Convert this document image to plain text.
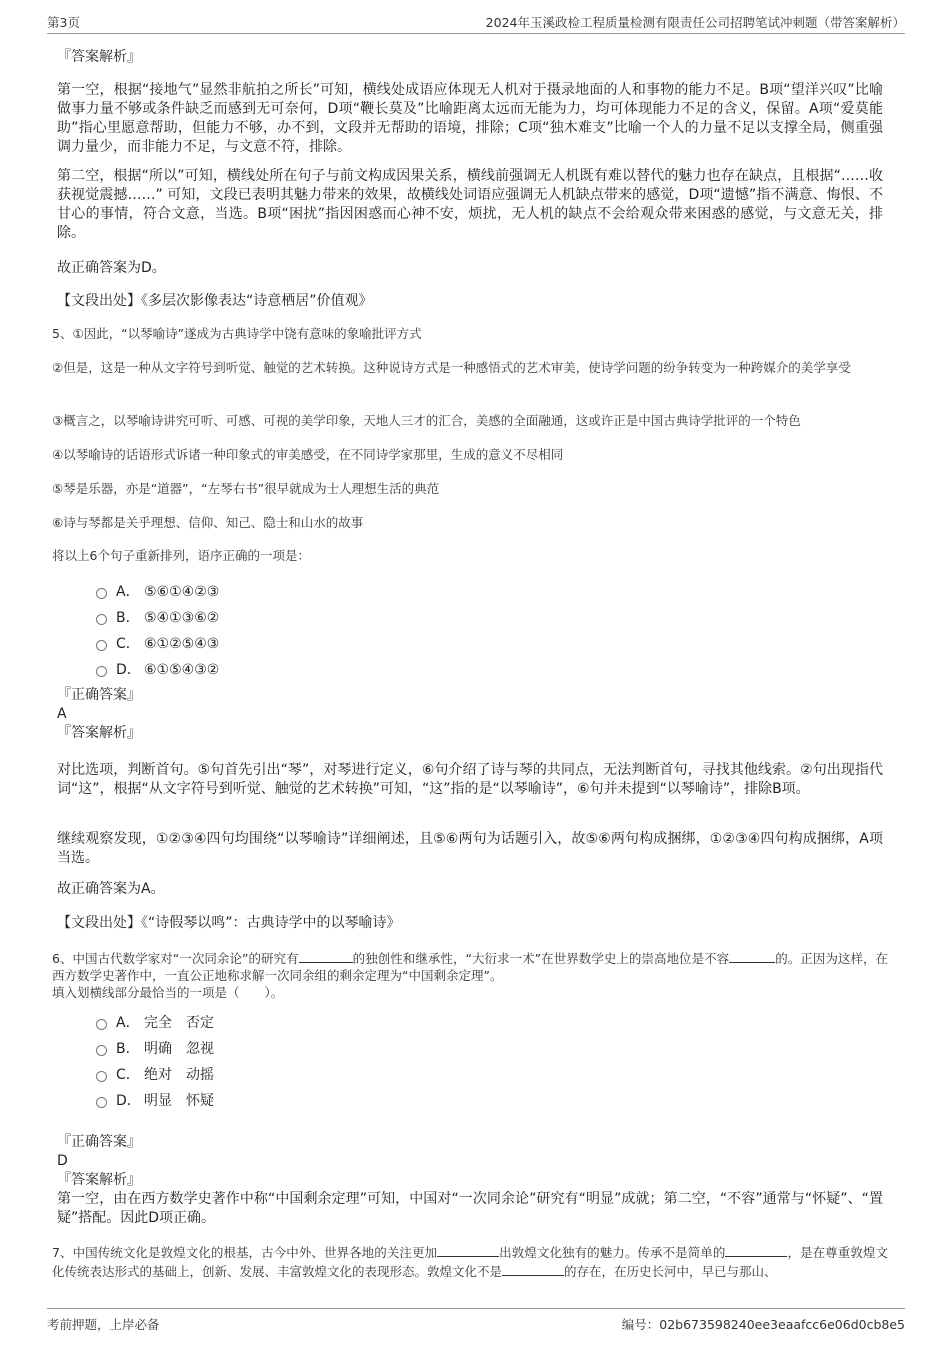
第3页	2024年玉溪政检工程质量检测有限责任公司招聘笔试冲刺题（带答案解析）

『答案解析』

第一空，根据“接地气”显然非航拍之所长”可知，横线处成语应体现无人机对于摄录地面的人和事物的能力不足。B项“望洋兴叹”比喻做事力量不够或条件缺乏而感到无可奈何，D项“鞭长莫及”比喻距离太远而无能为力，均可体现能力不足的含义，保留。A项“爱莫能助”指心里愿意帮助，但能力不够，办不到，文段并无帮助的语境，排除；C项“独木难支”比喻一个人的力量不足以支撑全局，侧重强调力量少，而非能力不足，与文意不符，排除。

第二空，根据“所以”可知，横线处所在句子与前文构成因果关系，横线前强调无人机既有难以替代的魅力也存在缺点，且根据“……收获视觉震撼……” 可知，文段已表明其魅力带来的效果，故横线处词语应强调无人机缺点带来的感觉，D项“遗憾”指不满意、悔恨、不甘心的事情，符合文意，当选。B项“困扰”指因困惑而心神不安，烦扰，无人机的缺点不会给观众带来困惑的感觉，与文意无关，排除。

故正确答案为D。

【文段出处】《多层次影像表达“诗意栖居”价值观》

5、①因此，“以琴喻诗”遂成为古典诗学中饶有意味的象喻批评方式

②但是，这是一种从文字符号到听觉、触觉的艺术转换。这种说诗方式是一种感悟式的艺术审美，使诗学问题的纷争转变为一种跨媒介的美学享受

③概言之，以琴喻诗讲究可听、可感、可视的美学印象，天地人三才的汇合，美感的全面融通，这或许正是中国古典诗学批评的一个特色

④以琴喻诗的话语形式诉诸一种印象式的审美感受，在不同诗学家那里，生成的意义不尽相同

⑤琴是乐器，亦是“道器”，“左琴右书”很早就成为士人理想生活的典范

⑥诗与琴都是关乎理想、信仰、知己、隐士和山水的故事

将以上6个句子重新排列，语序正确的一项是：

A． ⑤⑥①④②③
B． ⑤④①③⑥②
C． ⑥①②⑤④③
D． ⑥①⑤④③②

『正确答案』

A

『答案解析』

对比选项，判断首句。⑤句首先引出“琴”，对琴进行定义，⑥句介绍了诗与琴的共同点，无法判断首句，寻找其他线索。②句出现指代词“这”，根据“从文字符号到听觉、触觉的艺术转换”可知，“这”指的是“以琴喻诗”，⑥句并未提到“以琴喻诗”，排除B项。

继续观察发现，①②③④四句均围绕“以琴喻诗”详细阐述，且⑤⑥两句为话题引入，故⑤⑥两句构成捆绑，①②③④四句构成捆绑，A项当选。

故正确答案为A。

【文段出处】《“诗假琴以鸣”：古典诗学中的以琴喻诗》

6、中国古代数学家对“一次同余论”的研究有	的独创性和继承性，“大衍求一术”在世界数学史上的崇高地位是不容	的。正因为这样，在西方数学史著作中，一直公正地称求解一次同余组的剩余定理为“中国剩余定理”。

填入划横线部分最恰当的一项是（　　）。

A． 完全　否定
B． 明确　忽视
C． 绝对　动摇
D． 明显　怀疑

『正确答案』

D

『答案解析』

第一空，由在西方数学史著作中称“中国剩余定理”可知，中国对“一次同余论”研究有“明显”成就；第二空，“不容”通常与“怀疑”、“置疑”搭配。因此D项正确。

7、中国传统文化是敦煌文化的根基，古今中外、世界各地的关注更加	出敦煌文化独有的魅力。传承不是简单的	，是在尊重敦煌文化传统表达形式的基础上，创新、发展、丰富敦煌文化的表现形态。敦煌文化不是	的存在，在历史长河中，早已与那山、

考前押题，上岸必备	编号：02b673598240ee3eaafcc6e06d0cb8e5
